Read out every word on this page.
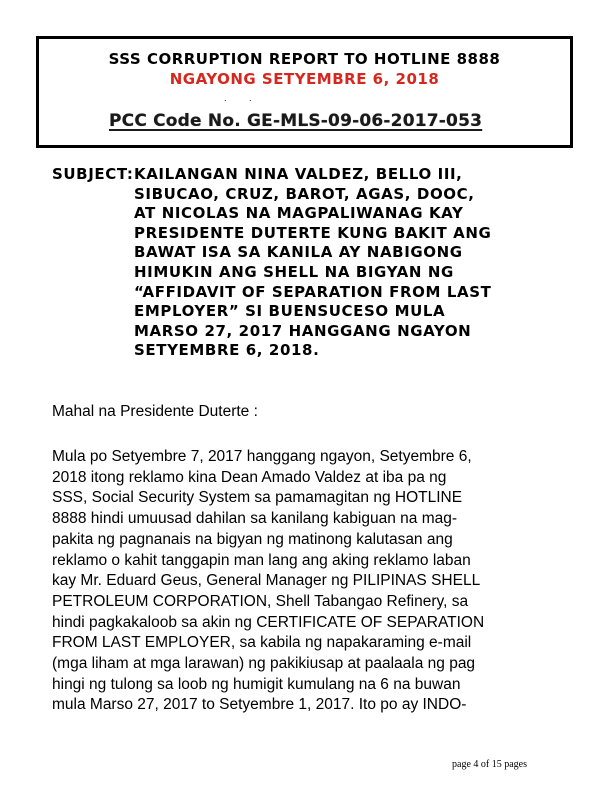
SSS CORRUPTION REPORT TO HOTLINE 8888
NGAYONG SETYEMBRE 6, 2018
. .
PCC Code No. GE-MLS-09-06-2017-053
SUBJECT: KAILANGAN NINA VALDEZ, BELLO III,
SIBUCAO, CRUZ, BAROT, AGAS, DOOC,
AT NICOLAS NA MAGPALIWANAG KAY
PRESIDENTE DUTERTE KUNG BAKIT ANG
BAWAT ISA SA KANILA AY NABIGONG
HIMUKIN ANG SHELL NA BIGYAN NG
“AFFIDAVIT OF SEPARATION FROM LAST
EMPLOYER” SI BUENSUCESO MULA
MARSO 27, 2017 HANGGANG NGAYON
SETYEMBRE 6, 2018.
Mahal na Presidente Duterte :
Mula po Setyembre 7, 2017 hanggang ngayon, Setyembre 6,
2018 itong reklamo kina Dean Amado Valdez at iba pa ng
SSS, Social Security System sa pamamagitan ng HOTLINE
8888 hindi umuusad dahilan sa kanilang kabiguan na mag-
pakita ng pagnanais na bigyan ng matinong kalutasan ang
reklamo o kahit tanggapin man lang ang aking reklamo laban
kay Mr. Eduard Geus, General Manager ng PILIPINAS SHELL
PETROLEUM CORPORATION, Shell Tabangao Refinery, sa
hindi pagkakaloob sa akin ng CERTIFICATE OF SEPARATION
FROM LAST EMPLOYER, sa kabila ng napakaraming e-mail
(mga liham at mga larawan) ng pakikiusap at paalaala ng pag
hingi ng tulong sa loob ng humigit kumulang na 6 na buwan
mula Marso 27, 2017 to Setyembre 1, 2017. Ito po ay INDO-
page 4 of 15 pages
